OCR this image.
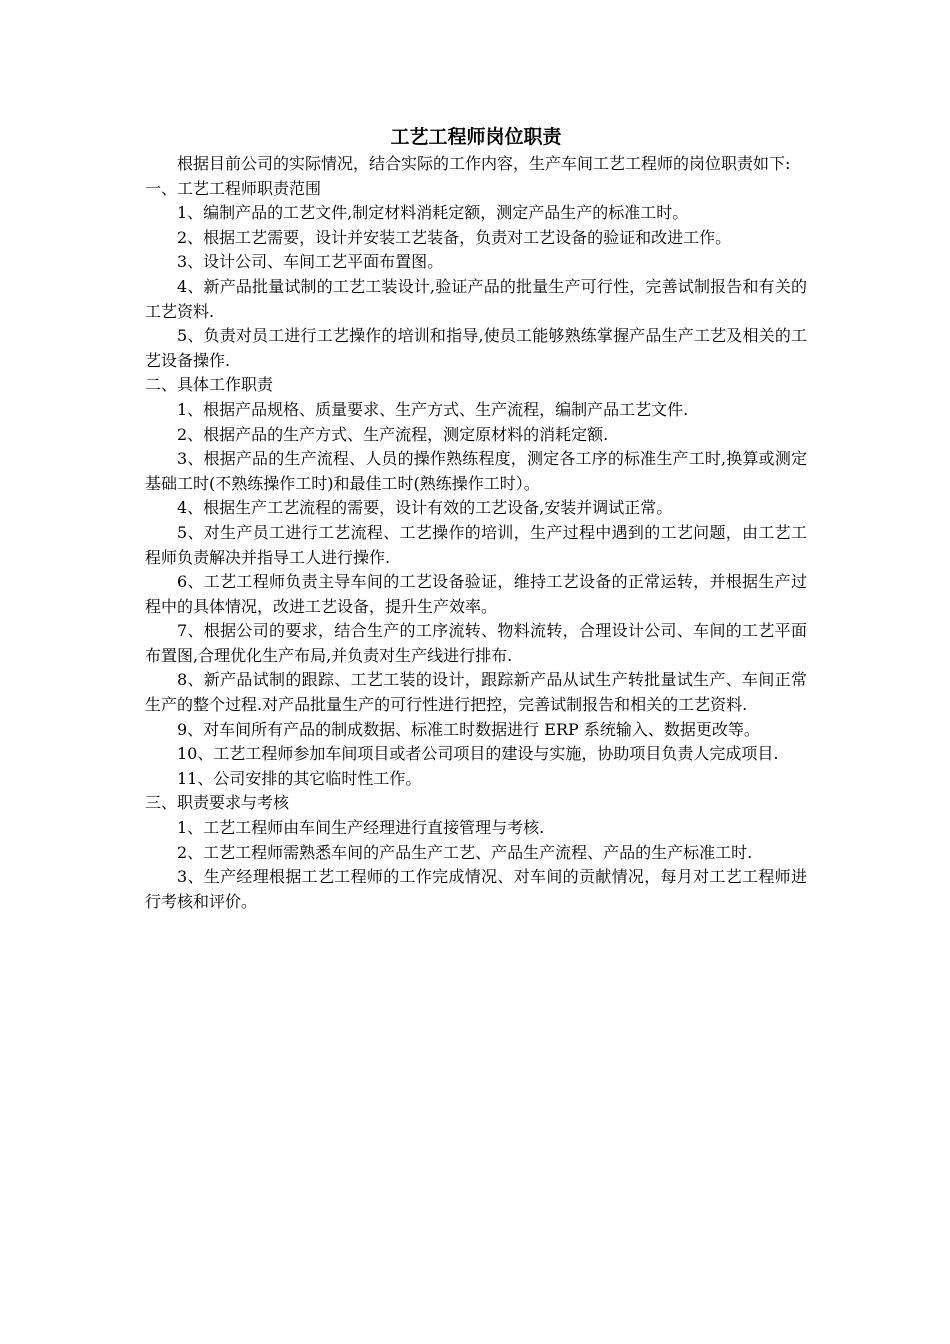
工艺工程师岗位职责

根据目前公司的实际情况，结合实际的工作内容，生产车间工艺工程师的岗位职责如下:

一、工艺工程师职责范围

1、编制产品的工艺文件,制定材料消耗定额，测定产品生产的标准工时。

2、根据工艺需要，设计并安装工艺装备，负责对工艺设备的验证和改进工作。

3、设计公司、车间工艺平面布置图。

4、新产品批量试制的工艺工装设计,验证产品的批量生产可行性，完善试制报告和有关的工艺资料.

5、负责对员工进行工艺操作的培训和指导,使员工能够熟练掌握产品生产工艺及相关的工艺设备操作.

二、具体工作职责

1、根据产品规格、质量要求、生产方式、生产流程，编制产品工艺文件.

2、根据产品的生产方式、生产流程，测定原材料的消耗定额.

3、根据产品的生产流程、人员的操作熟练程度，测定各工序的标准生产工时,换算或测定基础工时(不熟练操作工时)和最佳工时(熟练操作工时）。

4、根据生产工艺流程的需要，设计有效的工艺设备,安装并调试正常。

5、对生产员工进行工艺流程、工艺操作的培训，生产过程中遇到的工艺问题，由工艺工程师负责解决并指导工人进行操作.

6、工艺工程师负责主导车间的工艺设备验证，维持工艺设备的正常运转，并根据生产过程中的具体情况，改进工艺设备，提升生产效率。

7、根据公司的要求，结合生产的工序流转、物料流转，合理设计公司、车间的工艺平面布置图,合理优化生产布局,并负责对生产线进行排布.

8、新产品试制的跟踪、工艺工装的设计，跟踪新产品从试生产转批量试生产、车间正常生产的整个过程.对产品批量生产的可行性进行把控，完善试制报告和相关的工艺资料.

9、对车间所有产品的制成数据、标准工时数据进行 ERP 系统输入、数据更改等。

10、工艺工程师参加车间项目或者公司项目的建设与实施，协助项目负责人完成项目.

11、公司安排的其它临时性工作。

三、职责要求与考核

1、工艺工程师由车间生产经理进行直接管理与考核.

2、工艺工程师需熟悉车间的产品生产工艺、产品生产流程、产品的生产标准工时.

3、生产经理根据工艺工程师的工作完成情况、对车间的贡献情况，每月对工艺工程师进行考核和评价。
